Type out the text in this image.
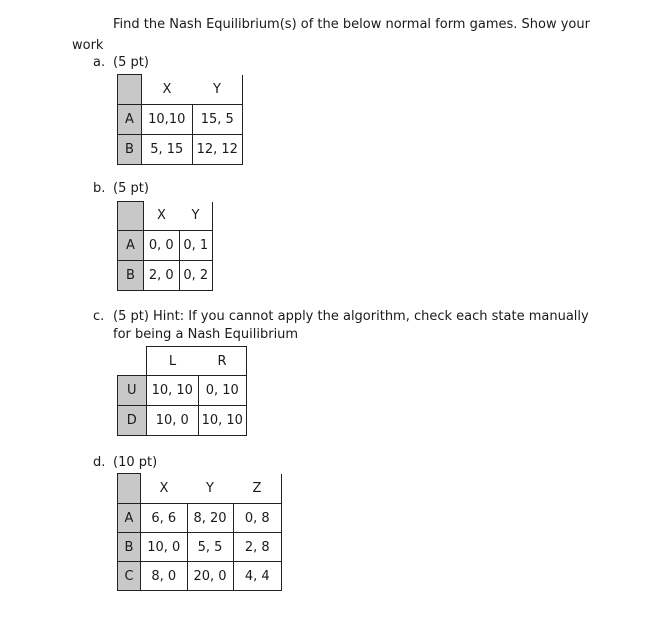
Find the Nash Equilibrium(s) of the below normal form games. Show your
work
a. (5 pt)
	X	Y
A	10,10	15, 5
B	5, 15	12, 12
b. (5 pt)
	X	Y
A	0, 0	0, 1
B	2, 0	0, 2
c. (5 pt) Hint: If you cannot apply the algorithm, check each state manually
for being a Nash Equilibrium
	L	R
U	10, 10	0, 10
D	10, 0	10, 10
d. (10 pt)
	X	Y	Z
A	6, 6	8, 20	0, 8
B	10, 0	5, 5	2, 8
C	8, 0	20, 0	4, 4
